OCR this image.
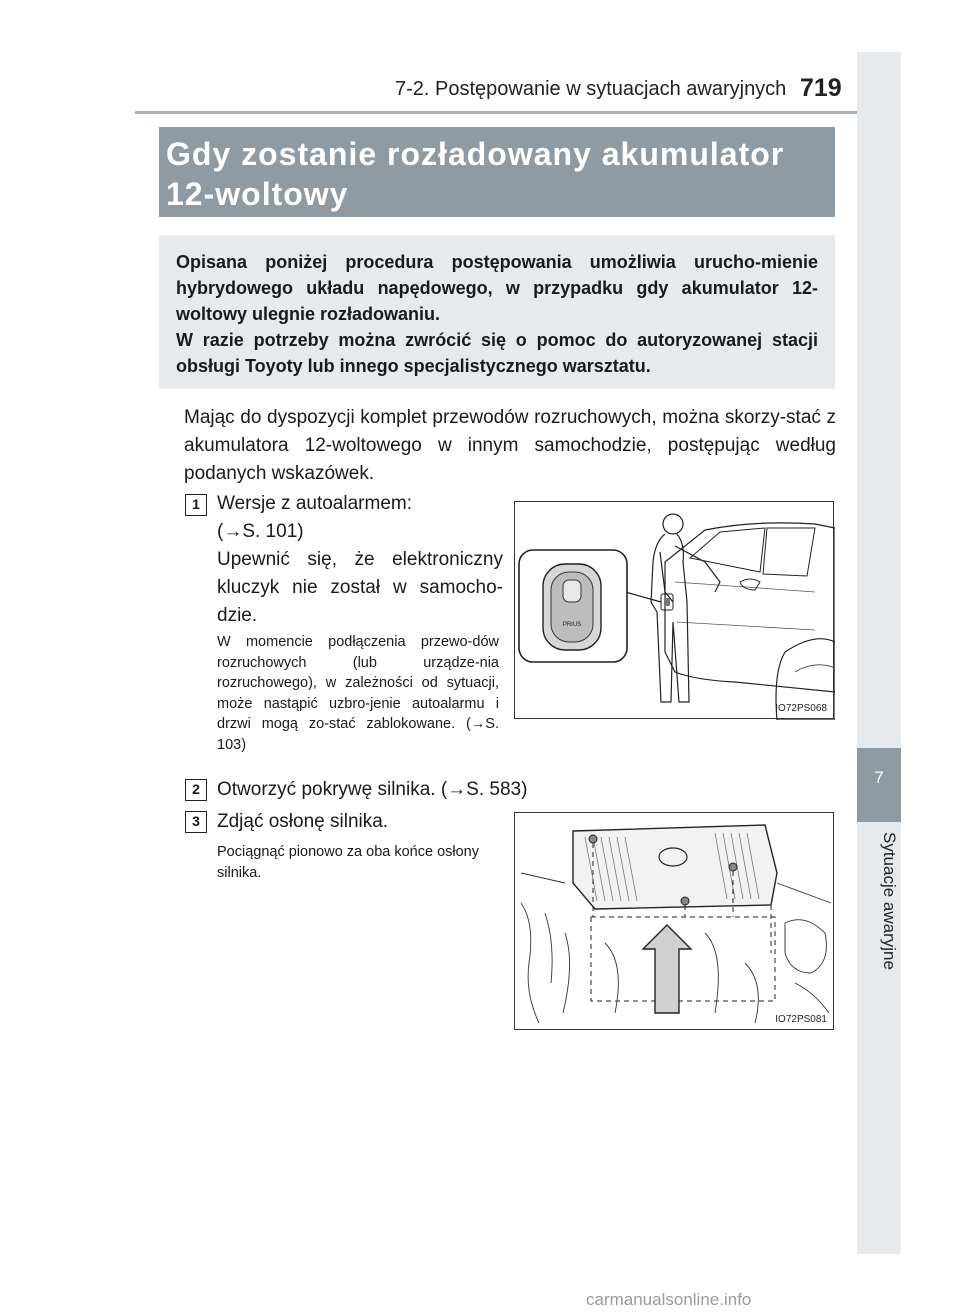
7-2. Postępowanie w sytuacjach awaryjnych 719
7
Sytuacje awaryjne
Gdy zostanie rozładowany akumulator 12-woltowy

Opisana poniżej procedura postępowania umożliwia urucho-mienie hybrydowego układu napędowego, w przypadku gdy akumulator 12-woltowy ulegnie rozładowaniu.

W razie potrzeby można zwrócić się o pomoc do autoryzowanej stacji obsługi Toyoty lub innego specjalistycznego warsztatu.

Mając do dyspozycji komplet przewodów rozruchowych, można skorzy-stać z akumulatora 12-woltowego w innym samochodzie, postępując według podanych wskazówek.
1 Wersje z autoalarmem:
(→S. 101)
Upewnić się, że elektroniczny kluczyk nie został w samocho-dzie.
W momencie podłączenia przewo-dów rozruchowych (lub urządze-nia rozruchowego), w zależności od sytuacji, może nastąpić uzbro-jenie autoalarmu i drzwi mogą zo-stać zablokowane. (→S. 103)
PRIUS
IO72PS068
2 Otworzyć pokrywę silnika. (→S. 583)
3 Zdjąć osłonę silnika.
Pociągnąć pionowo za oba końce osłony silnika.
IO72PS081
carmanualsonline.info
